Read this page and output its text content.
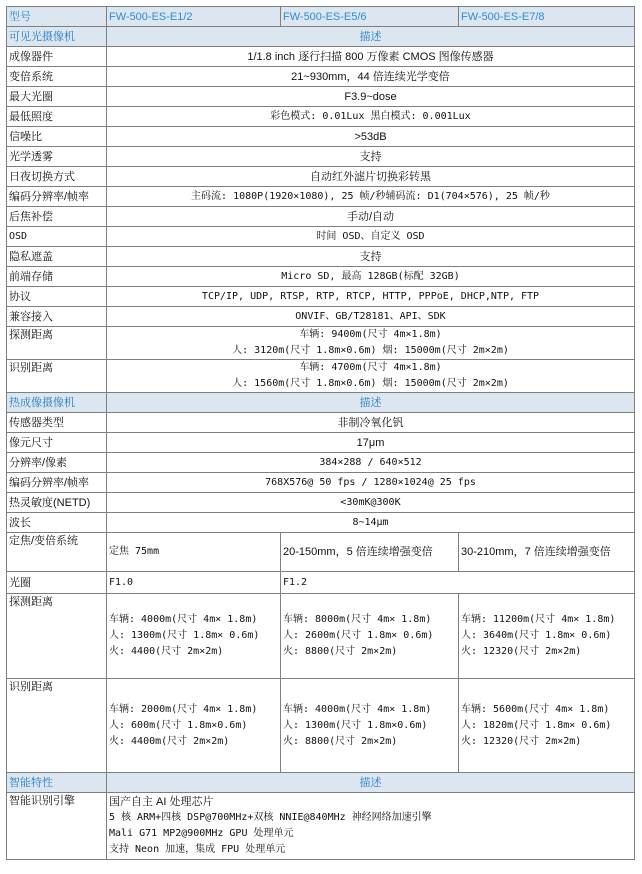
型号	FW-500-ES-E1/2	FW-500-ES-E5/6	FW-500-ES-E7/8
可见光摄像机	描述		
成像器件	1/1.8 inch 逐行扫描 800 万像素 CMOS 图像传感器		
变倍系统	21~930mm，44 倍连续光学变倍		
最大光圈	F3.9~dose		
最低照度	彩色模式: 0.01Lux 黑白模式: 0.001Lux		
信噪比	>53dB		
光学透雾	支持		
日夜切换方式	自动红外滤片切换彩转黑		
编码分辨率/帧率	主码流: 1080P(1920×1080), 25 帧/秒辅码流: D1(704×576), 25 帧/秒		
后焦补偿	手动/自动		
OSD	时间 OSD、自定义 OSD		
隐私遮盖	支持		
前端存储	Micro SD, 最高 128GB(标配 32GB)		
协议	TCP/IP, UDP, RTSP, RTP, RTCP, HTTP, PPPoE, DHCP,NTP, FTP		
兼容接入	ONVIF、GB/T28181、API、SDK		
探测距离	车辆: 9400m(尺寸 4m×1.8m)
人: 3120m(尺寸 1.8m×0.6m) 烟: 15000m(尺寸 2m×2m)		

识别距离	车辆: 4700m(尺寸 4m×1.8m)
人: 1560m(尺寸 1.8m×0.6m) 烟: 15000m(尺寸 2m×2m)		

热成像摄像机	描述		
传感器类型	非制冷氧化钒		
像元尺寸	17μm		
分辨率/像素	384×288 / 640×512		
编码分辨率/帧率	768X576@ 50 fps / 1280×1024@ 25 fps		
热灵敏度(NETD)	<30mK@300K		
波长	8~14μm		
定焦/变倍系统	定焦 75mm	20-150mm，5 倍连续增强变倍	30-210mm，7 倍连续增强变倍
光圈	F1.0	F1.2	
探测距离	车辆: 4000m(尺寸 4m× 1.8m)
人: 1300m(尺寸 1.8m× 0.6m)
火: 4400(尺寸 2m×2m)	车辆: 8000m(尺寸 4m× 1.8m)
人: 2600m(尺寸 1.8m× 0.6m)
火: 8800(尺寸 2m×2m)	车辆: 11200m(尺寸 4m× 1.8m)
人: 3640m(尺寸 1.8m× 0.6m)
火: 12320(尺寸 2m×2m)

识别距离	车辆: 2000m(尺寸 4m× 1.8m)
人: 600m(尺寸 1.8m×0.6m)
火: 4400m(尺寸 2m×2m)	车辆: 4000m(尺寸 4m× 1.8m)
人: 1300m(尺寸 1.8m×0.6m)
火: 8800(尺寸 2m×2m)	车辆: 5600m(尺寸 4m× 1.8m)
人: 1820m(尺寸 1.8m× 0.6m)
火: 12320(尺寸 2m×2m)

智能特性	描述		
智能识别引擎	国产自主 AI 处理芯片
5 核 ARM+四核 DSP@700MHz+双核 NNIE@840MHz 神经网络加速引擎
Mali G71 MP2@900MHz GPU 处理单元
支持 Neon 加速，集成 FPU 处理单元		
